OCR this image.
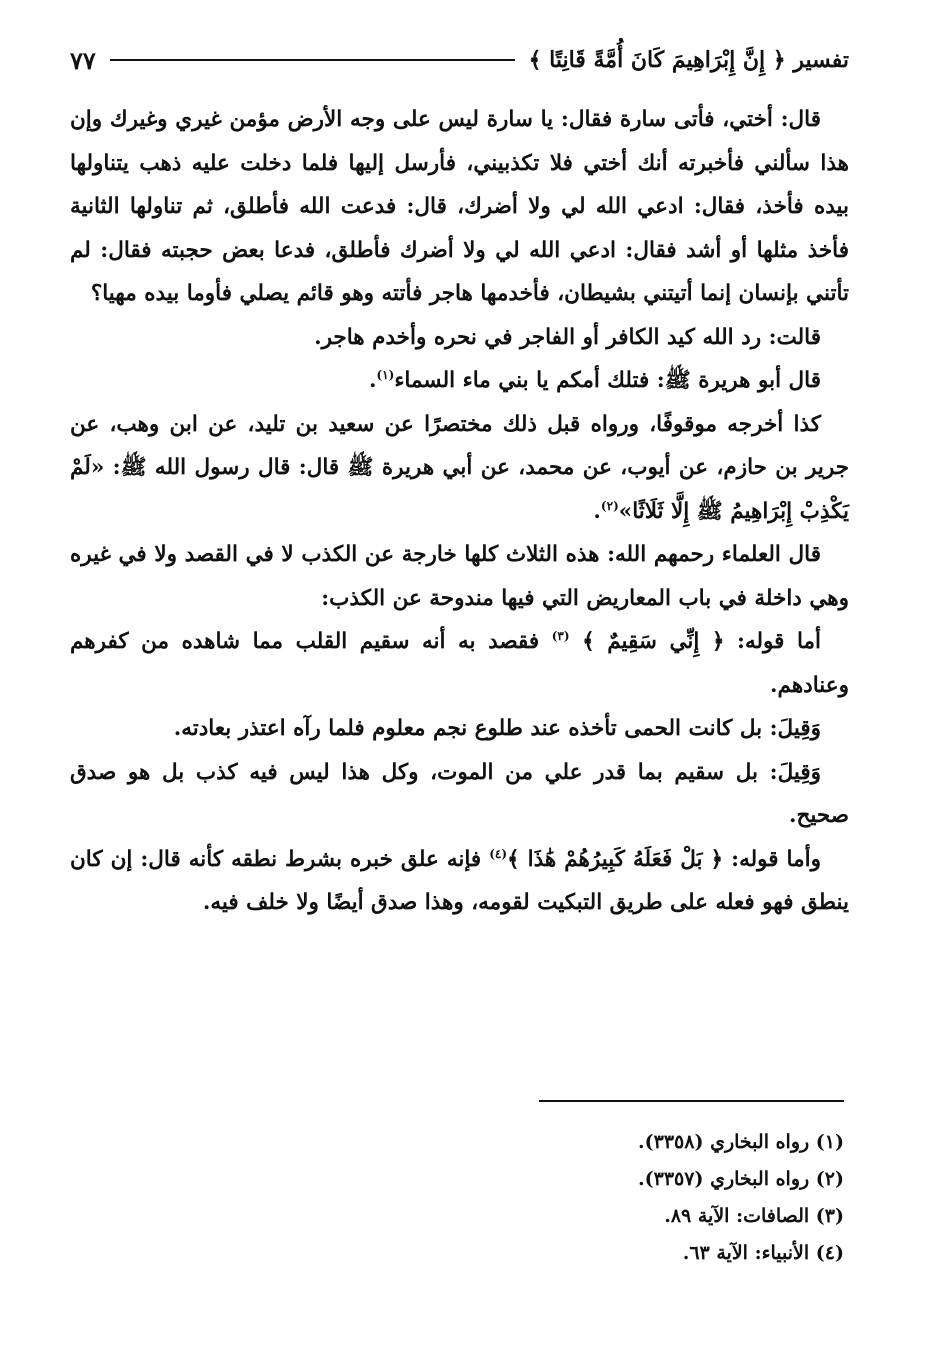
تفسير ﴿ إِنَّ إِبْرَاهِيمَ كَانَ أُمَّةً قَانِتًا ﴾
٧٧

قال: أختي، فأتى سارة فقال: يا سارة ليس على وجه الأرض مؤمن غيري وغيرك وإن هذا سألني فأخبرته أنك أختي فلا تكذبيني، فأرسل إليها فلما دخلت عليه ذهب يتناولها بيده فأخذ، فقال: ادعي الله لي ولا أضرك، قال: فدعت الله فأطلق، ثم تناولها الثانية فأخذ مثلها أو أشد فقال: ادعي الله لي ولا أضرك فأطلق، فدعا بعض حجبته فقال: لم تأتني بإنسان إنما أتيتني بشيطان، فأخدمها هاجر فأتته وهو قائم يصلي فأوما بيده مهيا؟

قالت: رد الله كيد الكافر أو الفاجر في نحره وأخدم هاجر.

قال أبو هريرة ﷺ: فتلك أمكم يا بني ماء السماء$^{(١)}$.

كذا أخرجه موقوفًا، ورواه قبل ذلك مختصرًا عن سعيد بن تليد، عن ابن وهب، عن جرير بن حازم، عن أيوب، عن محمد، عن أبي هريرة ﷺ قال: قال رسول الله ﷺ: «لَمْ يَكْذِبْ إِبْرَاهِيمُ ﷺ إِلَّا ثَلَاثًا»$^{(٢)}$.

قال العلماء رحمهم الله: هذه الثلاث كلها خارجة عن الكذب لا في القصد ولا في غيره وهي داخلة في باب المعاريض التي فيها مندوحة عن الكذب:

أما قوله: ﴿ إِنِّي سَقِيمٌ ﴾ $^{(٣)}$ فقصد به أنه سقيم القلب مما شاهده من كفرهم وعنادهم.

وَقِيلَ: بل كانت الحمى تأخذه عند طلوع نجم معلوم فلما رآه اعتذر بعادته.

وَقِيلَ: بل سقيم بما قدر علي من الموت، وكل هذا ليس فيه كذب بل هو صدق صحيح.

وأما قوله: ﴿ بَلْ فَعَلَهُ كَبِيرُهُمْ هَٰذَا ﴾$^{(٤)}$ فإنه علق خبره بشرط نطقه كأنه قال: إن كان ينطق فهو فعله على طريق التبكيت لقومه، وهذا صدق أيضًا ولا خلف فيه.

(١) رواه البخاري (٣٣٥٨).
(٢) رواه البخاري (٣٣٥٧).
(٣) الصافات: الآية ٨٩.
(٤) الأنبياء: الآية ٦٣.
